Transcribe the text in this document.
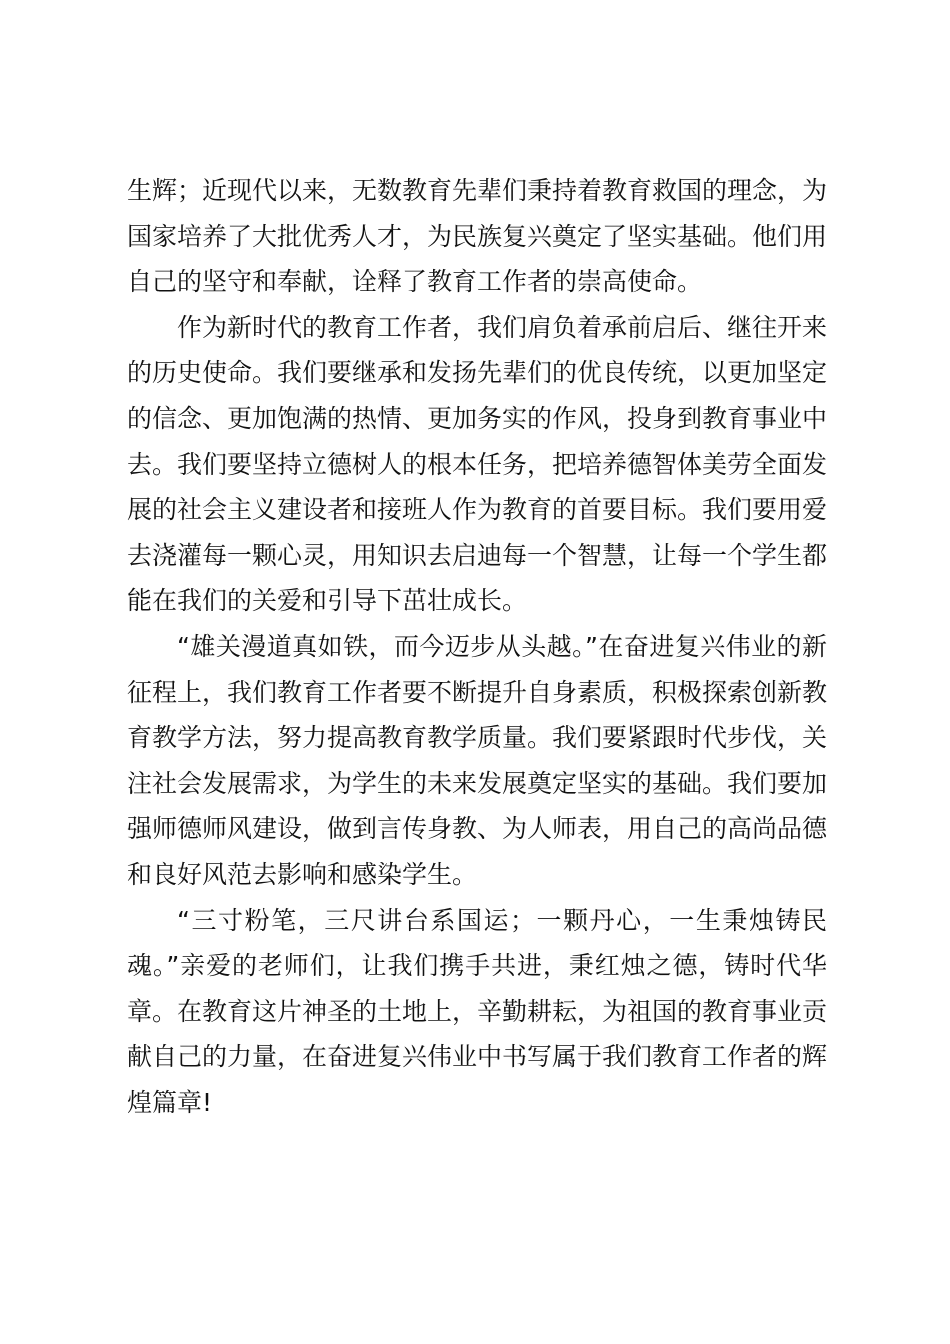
生辉；近现代以来，无数教育先辈们秉持着教育救国的理念，为国家培养了大批优秀人才，为民族复兴奠定了坚实基础。他们用自己的坚守和奉献，诠释了教育工作者的崇高使命。

作为新时代的教育工作者，我们肩负着承前启后、继往开来的历史使命。我们要继承和发扬先辈们的优良传统，以更加坚定的信念、更加饱满的热情、更加务实的作风，投身到教育事业中去。我们要坚持立德树人的根本任务，把培养德智体美劳全面发展的社会主义建设者和接班人作为教育的首要目标。我们要用爱去浇灌每一颗心灵，用知识去启迪每一个智慧，让每一个学生都能在我们的关爱和引导下茁壮成长。

“雄关漫道真如铁，而今迈步从头越。”在奋进复兴伟业的新征程上，我们教育工作者要不断提升自身素质，积极探索创新教育教学方法，努力提高教育教学质量。我们要紧跟时代步伐，关注社会发展需求，为学生的未来发展奠定坚实的基础。我们要加强师德师风建设，做到言传身教、为人师表，用自己的高尚品德和良好风范去影响和感染学生。

“三寸粉笔，三尺讲台系国运；一颗丹心，一生秉烛铸民魂。”亲爱的老师们，让我们携手共进，秉红烛之德，铸时代华章。在教育这片神圣的土地上，辛勤耕耘，为祖国的教育事业贡献自己的力量，在奋进复兴伟业中书写属于我们教育工作者的辉煌篇章!
